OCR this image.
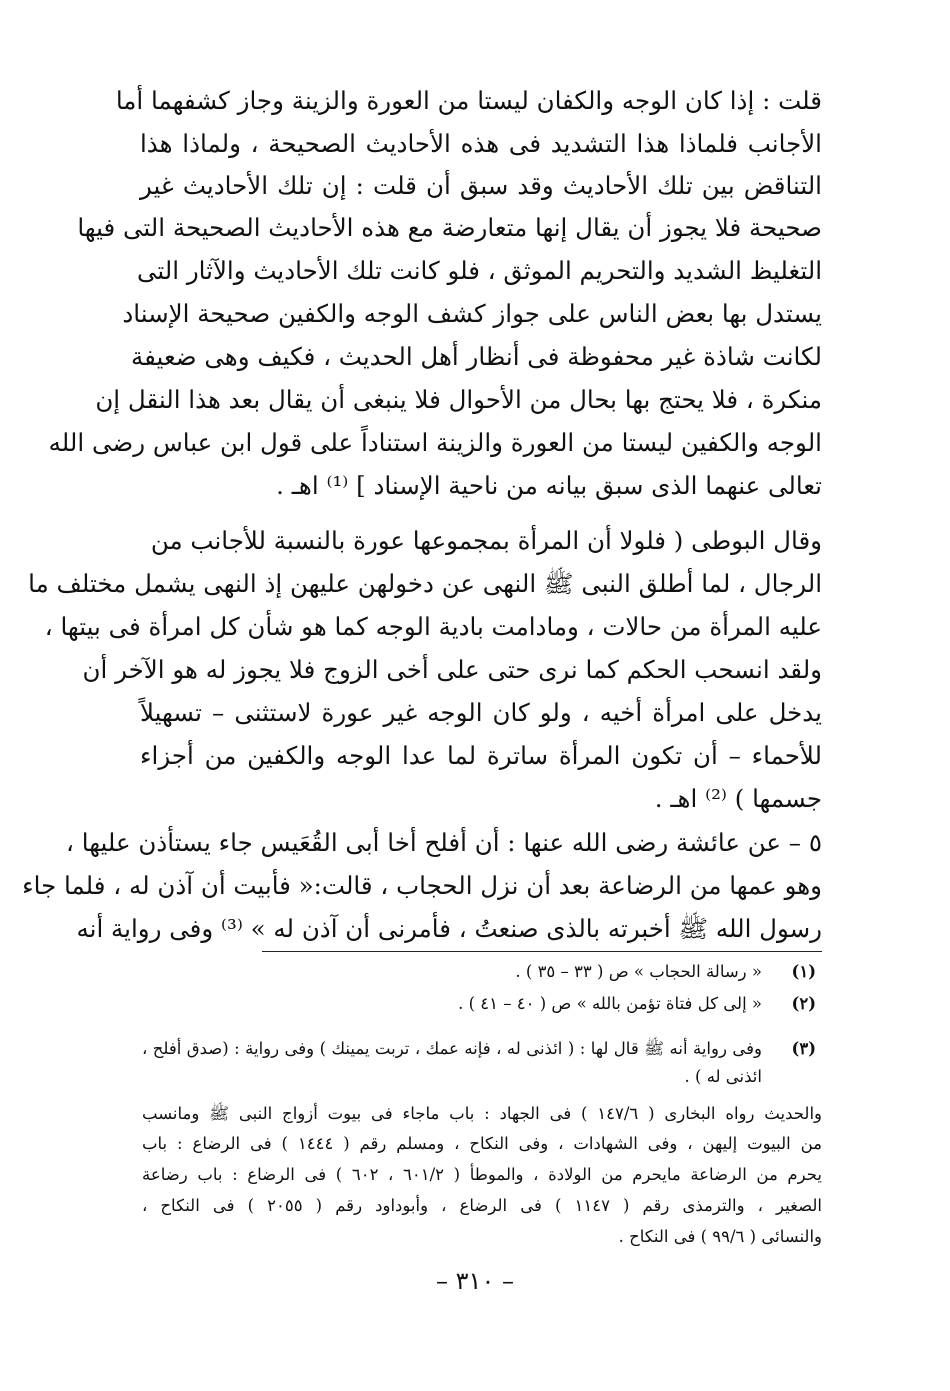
قلت : إذا كان الوجه والكفان ليستا من العورة والزينة وجاز كشفهما أما
الأجانب فلماذا هذا التشديد فى هذه الأحاديث الصحيحة ، ولماذا هذا
التناقض بين تلك الأحاديث وقد سبق أن قلت : إن تلك الأحاديث غير
صحيحة فلا يجوز أن يقال إنها متعارضة مع هذه الأحاديث الصحيحة التى فيها
التغليظ الشديد والتحريم الموثق ، فلو كانت تلك الأحاديث والآثار التى
يستدل بها بعض الناس على جواز كشف الوجه والكفين صحيحة الإسناد
لكانت شاذة غير محفوظة فى أنظار أهل الحديث ، فكيف وهى ضعيفة
منكرة ، فلا يحتج بها بحال من الأحوال فلا ينبغى أن يقال بعد هذا النقل إن
الوجه والكفين ليستا من العورة والزينة استناداً على قول ابن عباس رضى الله
تعالى عنهما الذى سبق بيانه من ناحية الإسناد ] ⁽¹⁾ اهـ .
وقال البوطى ( فلولا أن المرأة بمجموعها عورة بالنسبة للأجانب من
الرجال ، لما أطلق النبى ﷺ النهى عن دخولهن عليهن إذ النهى يشمل مختلف ما
عليه المرأة من حالات ، ومادامت بادية الوجه كما هو شأن كل امرأة فى بيتها ،
ولقد انسحب الحكم كما نرى حتى على أخى الزوج فلا يجوز له هو الآخر أن
يدخل على امرأة أخيه ، ولو كان الوجه غير عورة لاستثنى – تسهيلاً
للأحماء – أن تكون المرأة ساترة لما عدا الوجه والكفين من أجزاء
جسمها ) ⁽²⁾ اهـ .
٥ – عن عائشة رضى الله عنها : أن أفلح أخا أبى القُعَيس جاء يستأذن عليها ،
وهو عمها من الرضاعة بعد أن نزل الحجاب ، قالت:« فأبيت أن آذن له ، فلما جاء
رسول الله ﷺ أخبرته بالذى صنعتُ ، فأمرنى أن آذن له » ⁽³⁾ وفى رواية أنه
(١)
« رسالة الحجاب » ص ( ٣٣ – ٣٥ ) .
(٢)
« إلى كل فتاة تؤمن بالله » ص ( ٤٠ – ٤١ ) .
(٣)
وفى رواية أنه ﷺ قال لها : ( ائذنى له ، فإنه عمك ، تربت يمينك ) وفى رواية : (صدق أفلح ،
ائذنى له ) .
والحديث رواه البخارى ( ١٤٧/٦ ) فى الجهاد : باب ماجاء فى بيوت أزواج النبى ﷺ ومانسب
من البيوت إليهن ، وفى الشهادات ، وفى النكاح ، ومسلم رقم ( ١٤٤٤ ) فى الرضاع : باب
يحرم من الرضاعة مايحرم من الولادة ، والموطأ ( ٦٠١/٢ ، ٦٠٢ ) فى الرضاع : باب رضاعة
الصغير ، والترمذى رقم ( ١١٤٧ ) فى الرضاع ، وأبوداود رقم ( ٢٠٥٥ ) فى النكاح ،
والنسائى ( ٩٩/٦ ) فى النكاح .
– ٣١٠ –
